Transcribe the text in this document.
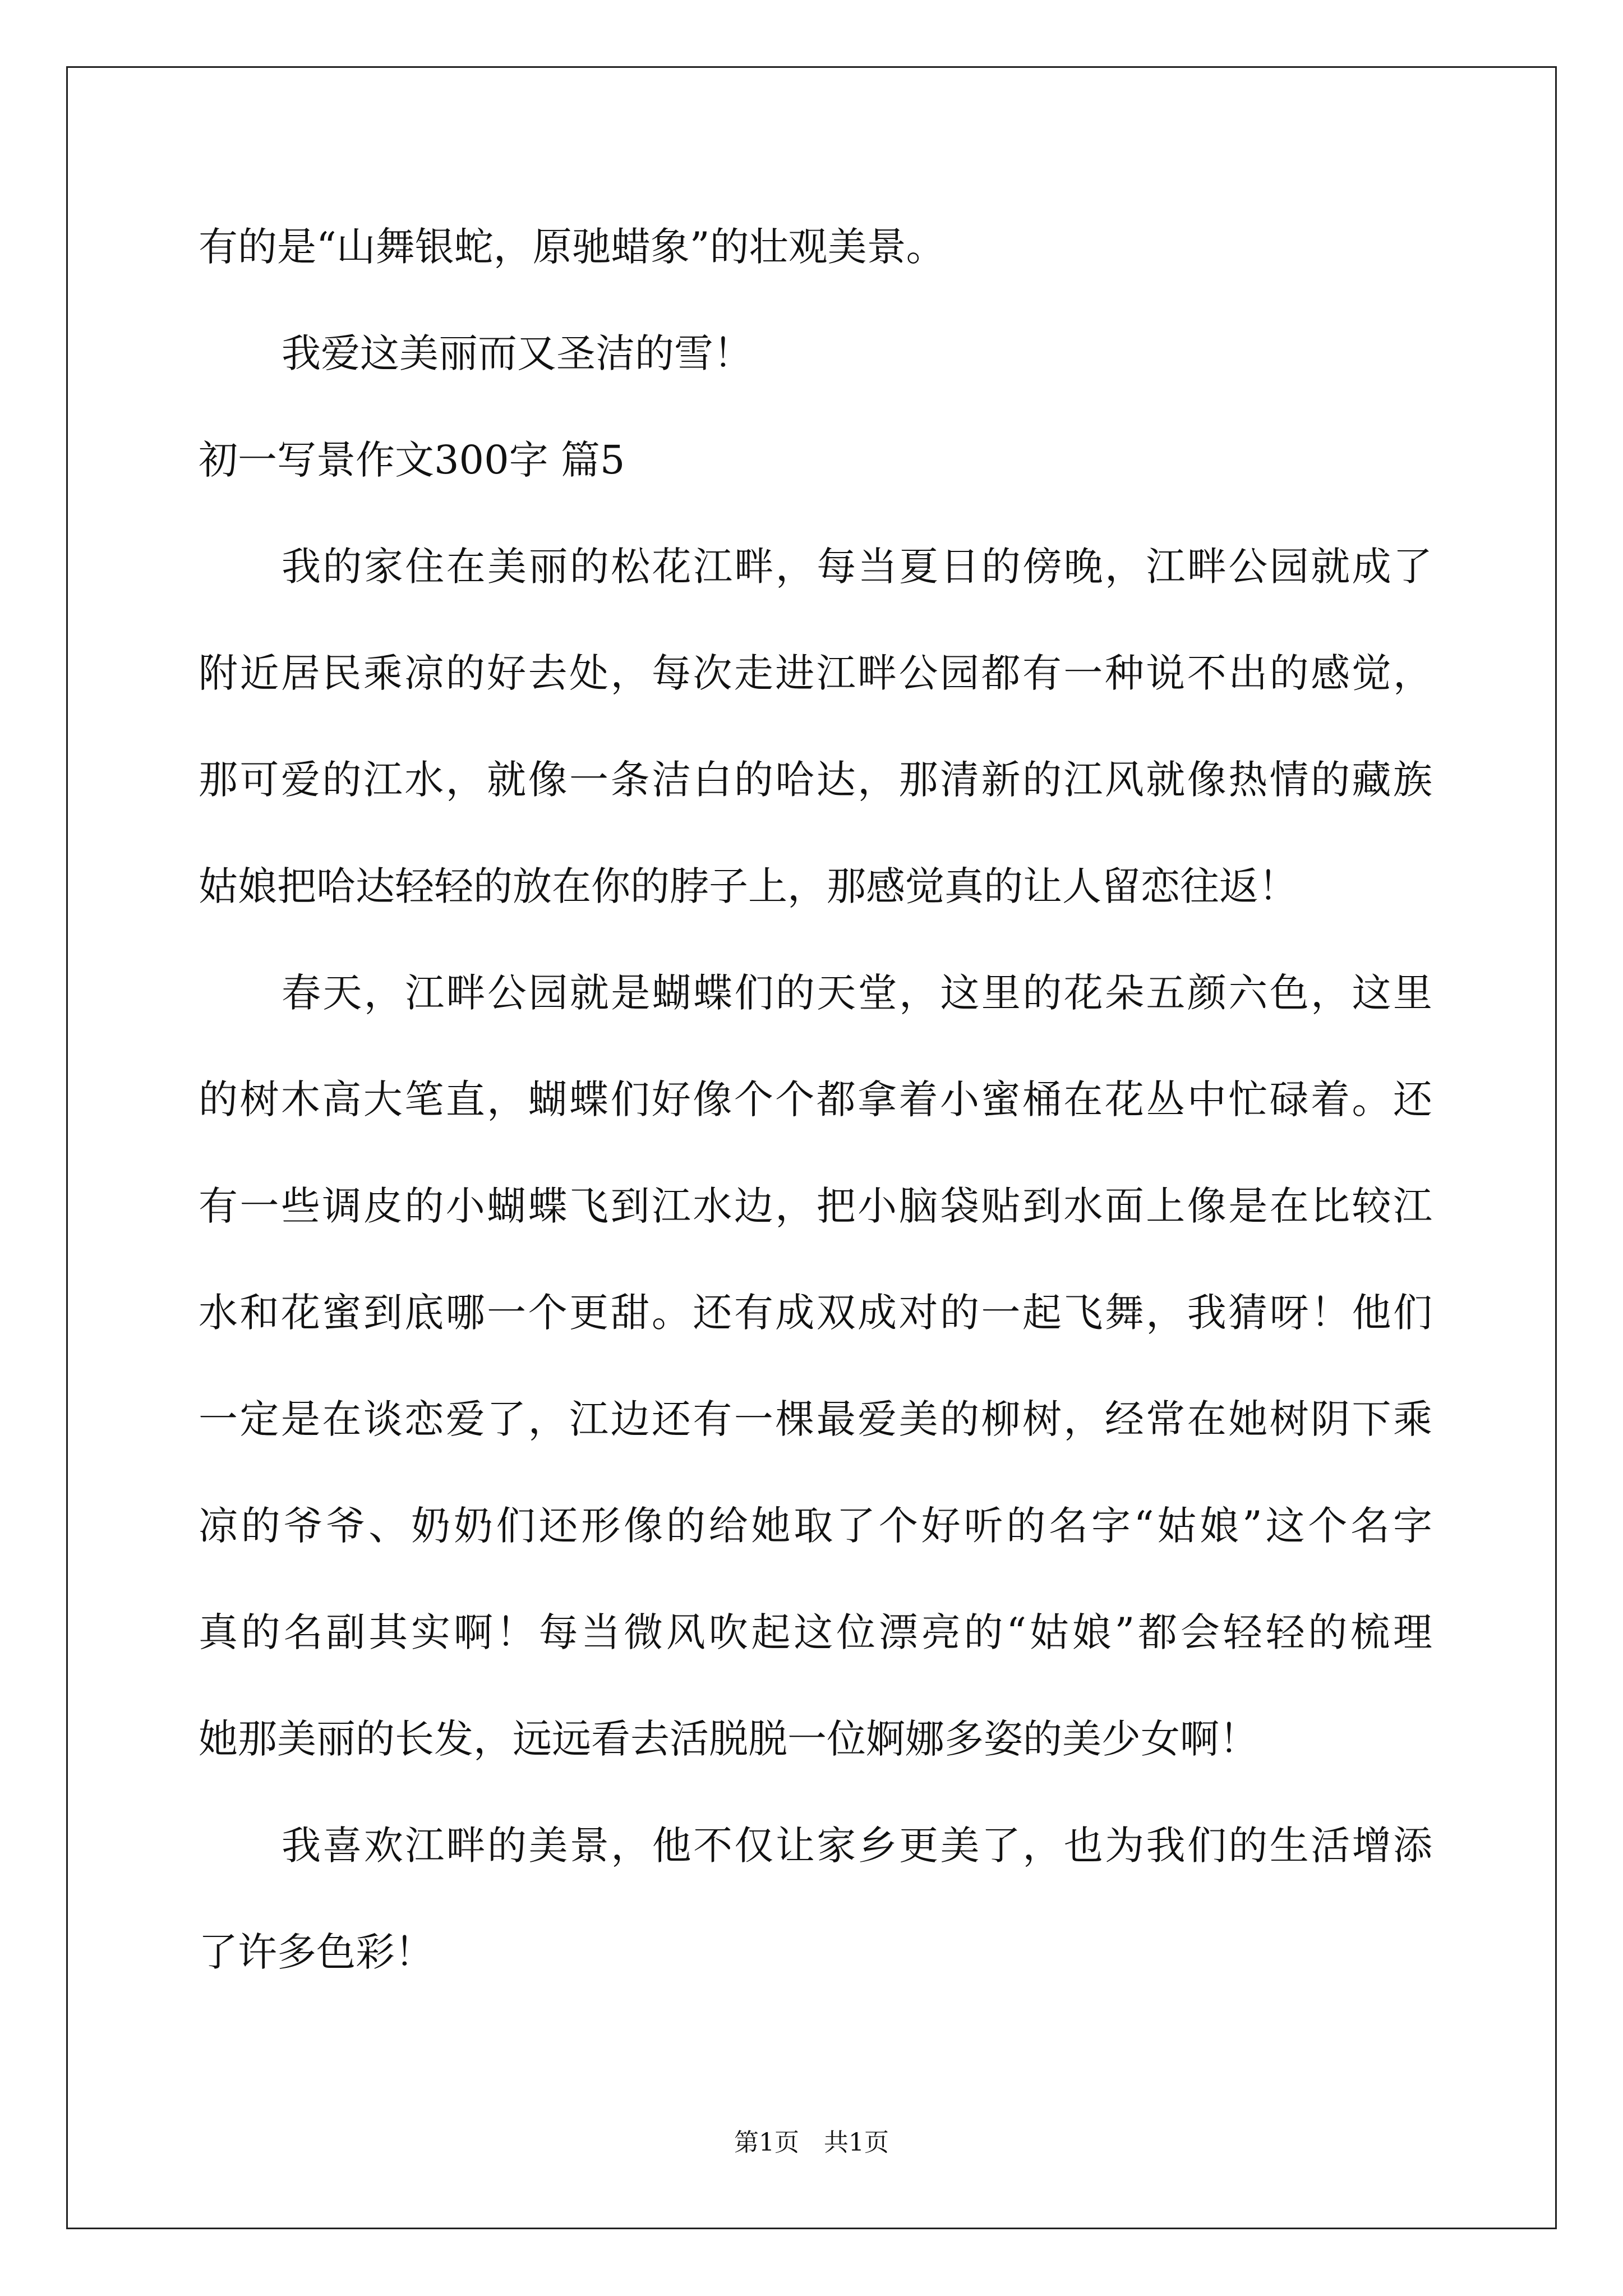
有的是“山舞银蛇，原驰蜡象”的壮观美景。
我爱这美丽而又圣洁的雪！
初一写景作文300字 篇5
我的家住在美丽的松花江畔，每当夏日的傍晚，江畔公园就成了
附近居民乘凉的好去处，每次走进江畔公园都有一种说不出的感觉，
那可爱的江水，就像一条洁白的哈达，那清新的江风就像热情的藏族
姑娘把哈达轻轻的放在你的脖子上，那感觉真的让人留恋往返！
春天，江畔公园就是蝴蝶们的天堂，这里的花朵五颜六色，这里
的树木高大笔直，蝴蝶们好像个个都拿着小蜜桶在花丛中忙碌着。还
有一些调皮的小蝴蝶飞到江水边，把小脑袋贴到水面上像是在比较江
水和花蜜到底哪一个更甜。还有成双成对的一起飞舞，我猜呀！他们
一定是在谈恋爱了，江边还有一棵最爱美的柳树，经常在她树阴下乘
凉的爷爷、奶奶们还形像的给她取了个好听的名字“姑娘”这个名字
真的名副其实啊！每当微风吹起这位漂亮的“姑娘”都会轻轻的梳理
她那美丽的长发，远远看去活脱脱一位婀娜多姿的美少女啊！
我喜欢江畔的美景，他不仅让家乡更美了，也为我们的生活增添
了许多色彩！
第1页　共1页
